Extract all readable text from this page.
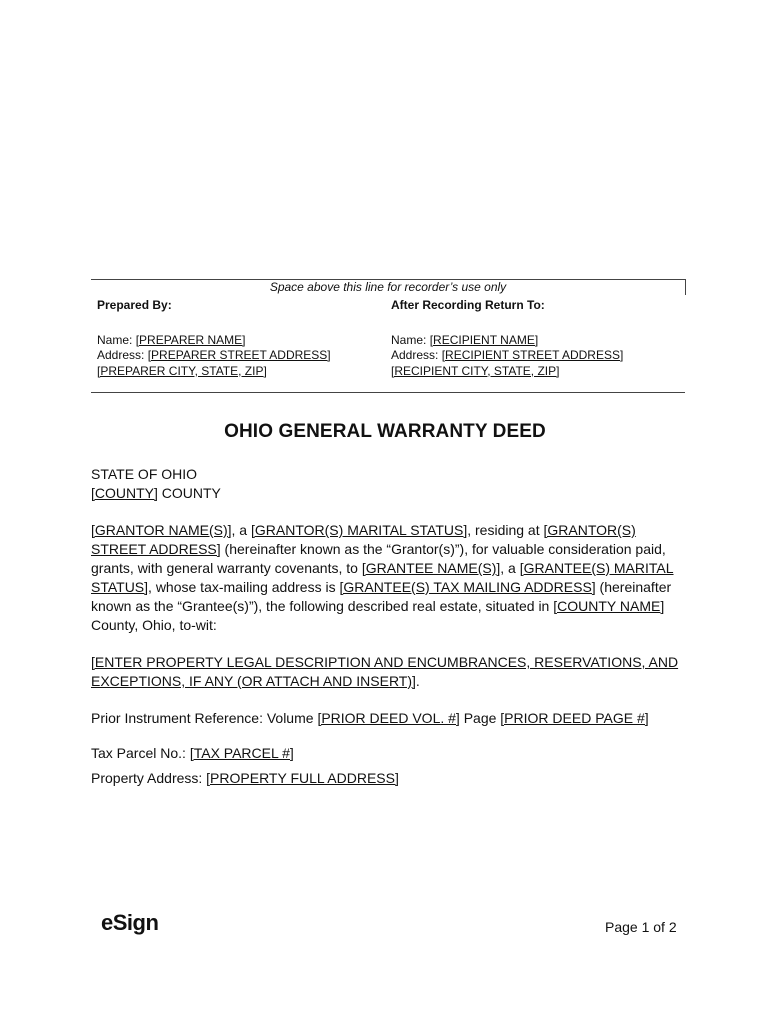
Space above this line for recorder’s use only
Prepared By:
Name: [PREPARER NAME]
Address: [PREPARER STREET ADDRESS]
[PREPARER CITY, STATE, ZIP]
After Recording Return To:
Name: [RECIPIENT NAME]
Address: [RECIPIENT STREET ADDRESS]
[RECIPIENT CITY, STATE, ZIP]
OHIO GENERAL WARRANTY DEED
STATE OF OHIO
[COUNTY] COUNTY
[GRANTOR NAME(S)], a [GRANTOR(S) MARITAL STATUS], residing at [GRANTOR(S) STREET ADDRESS] (hereinafter known as the “Grantor(s)”), for valuable consideration paid, grants, with general warranty covenants, to [GRANTEE NAME(S)], a [GRANTEE(S) MARITAL STATUS], whose tax-mailing address is [GRANTEE(S) TAX MAILING ADDRESS] (hereinafter known as the “Grantee(s)”), the following described real estate, situated in [COUNTY NAME] County, Ohio, to-wit:
[ENTER PROPERTY LEGAL DESCRIPTION AND ENCUMBRANCES, RESERVATIONS, AND EXCEPTIONS, IF ANY (OR ATTACH AND INSERT)].
Prior Instrument Reference: Volume [PRIOR DEED VOL. #] Page [PRIOR DEED PAGE #]
Tax Parcel No.: [TAX PARCEL #]
Property Address: [PROPERTY FULL ADDRESS]
eSign	Page 1 of 2
